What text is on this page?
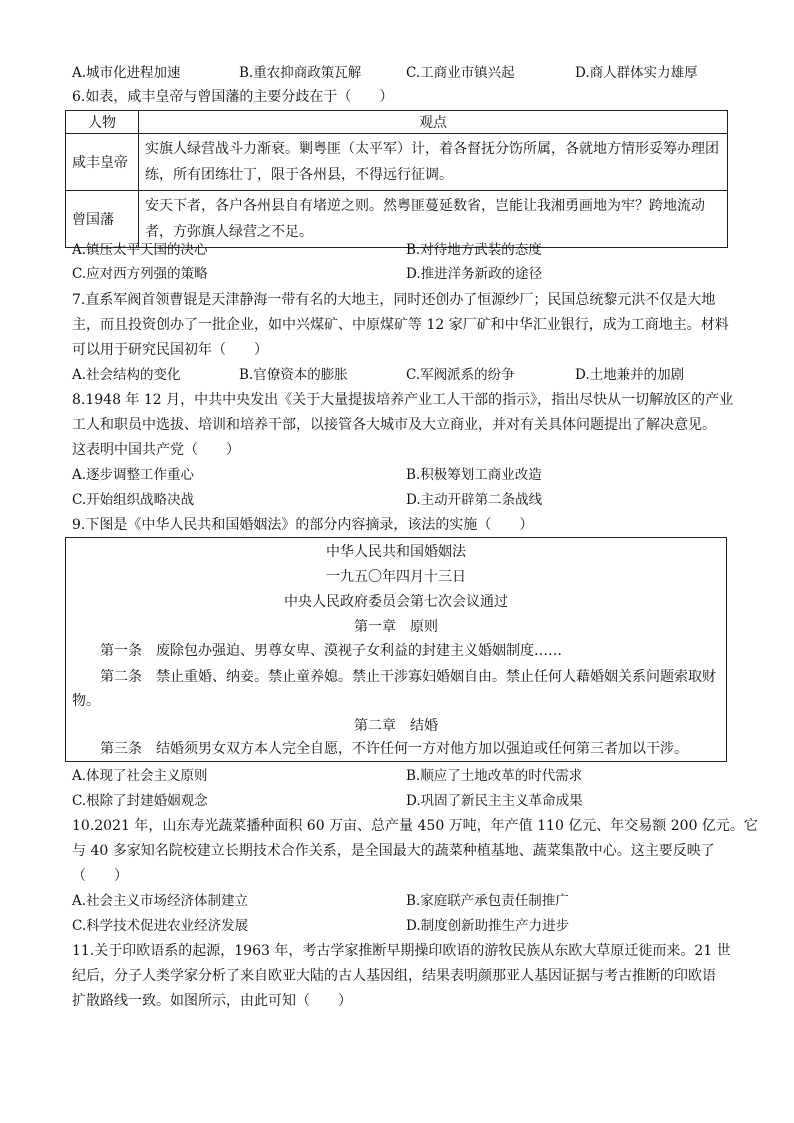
A.城市化进程加速	B.重农抑商政策瓦解	C.工商业市镇兴起	D.商人群体实力雄厚
6.如表，咸丰皇帝与曾国藩的主要分歧在于（　　）
人物	观点
咸丰皇帝	实旗人绿营战斗力渐衰。剿粤匪（太平军）计，着各督抚分饬所属，各就地方情形妥筹办理团练，所有团练壮丁，限于各州县，不得远行征调。
曾国藩	安天下者，各户各州县自有堵逆之则。然粤匪蔓延数省，岂能让我湘勇画地为牢？跨地流动者，方弥旗人绿营之不足。
A.镇压太平天国的决心	B.对待地方武装的态度
C.应对西方列强的策略	D.推进洋务新政的途径
7.直系军阀首领曹锟是天津静海一带有名的大地主，同时还创办了恒源纱厂；民国总统黎元洪不仅是大地
主，而且投资创办了一批企业，如中兴煤矿、中原煤矿等 12 家厂矿和中华汇业银行，成为工商地主。材料
可以用于研究民国初年（　　）
A.社会结构的变化	B.官僚资本的膨胀	C.军阀派系的纷争	D.土地兼并的加剧
8.1948 年 12 月，中共中央发出《关于大量提拔培养产业工人干部的指示》，指出尽快从一切解放区的产业
工人和职员中选拔、培训和培养干部，以接管各大城市及大立商业，并对有关具体问题提出了解决意见。
这表明中国共产党（　　）
A.逐步调整工作重心	B.积极筹划工商业改造
C.开始组织战略决战	D.主动开辟第二条战线
9.下图是《中华人民共和国婚姻法》的部分内容摘录，该法的实施（　　）
中华人民共和国婚姻法
一九五〇年四月十三日
中央人民政府委员会第七次会议通过
第一章　原则
　　第一条　废除包办强迫、男尊女卑、漠视子女利益的封建主义婚姻制度……
　　第二条　禁止重婚、纳妾。禁止童养媳。禁止干涉寡妇婚姻自由。禁止任何人藉婚姻关系问题索取财
物。
第二章　结婚
　　第三条　结婚须男女双方本人完全自愿，不许任何一方对他方加以强迫或任何第三者加以干涉。
A.体现了社会主义原则	B.顺应了土地改革的时代需求
C.根除了封建婚姻观念	D.巩固了新民主主义革命成果
10.2021 年，山东寿光蔬菜播种面积 60 万亩、总产量 450 万吨，年产值 110 亿元、年交易额 200 亿元。它
与 40 多家知名院校建立长期技术合作关系，是全国最大的蔬菜种植基地、蔬菜集散中心。这主要反映了
（　　）
A.社会主义市场经济体制建立	B.家庭联产承包责任制推广
C.科学技术促进农业经济发展	D.制度创新助推生产力进步
11.关于印欧语系的起源，1963 年，考古学家推断早期操印欧语的游牧民族从东欧大草原迁徙而来。21 世
纪后，分子人类学家分析了来自欧亚大陆的古人基因组，结果表明颜那亚人基因证据与考古推断的印欧语
扩散路线一致。如图所示，由此可知（　　）
